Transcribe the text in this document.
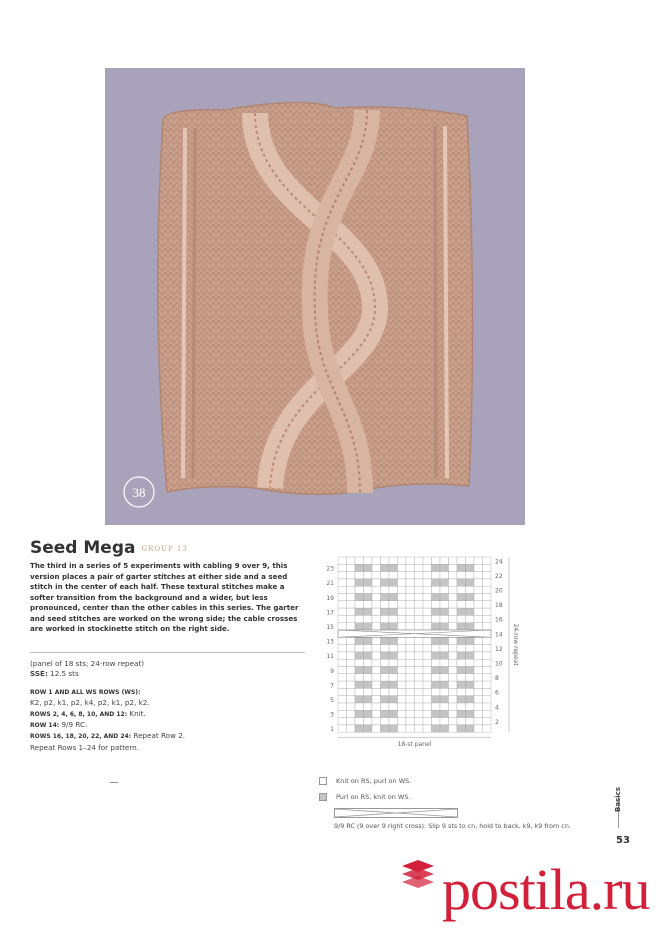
38
Seed Mega GROUP 13
The third in a series of 5 experiments with cabling 9 over 9, this version places a pair of garter stitches at either side and a seed stitch in the center of each half. These textural stitches make a softer transition from the background and a wider, but less pronounced, center than the other cables in this series. The garter and seed stitches are worked on the wrong side; the cable crosses are worked in stockinette stitch on the right side.
(panel of 18 sts; 24-row repeat)
SSE: 12.5 sts
ROW 1 AND ALL WS ROWS (WS):
K2, p2, k1, p2, k4, p2, k1, p2, k2.
ROWS 2, 4, 6, 8, 10, AND 12: Knit.
ROW 14: 9/9 RC.
ROWS 16, 18, 20, 22, AND 24: Repeat Row 2.
Repeat Rows 1–24 for pattern.
23
21
19
17
15
13
11
9
7
5
3
1
24
22
20
18
16
14
12
10
8
6
4
2
18-st panel
24-row repeat
Knit on RS, purl on WS.
Purl on RS, knit on WS.
9/9 RC (9 over 9 right cross): Slip 9 sts to cn, hold to back, k9, k9 from cn.
Basics
53
postila.ru
